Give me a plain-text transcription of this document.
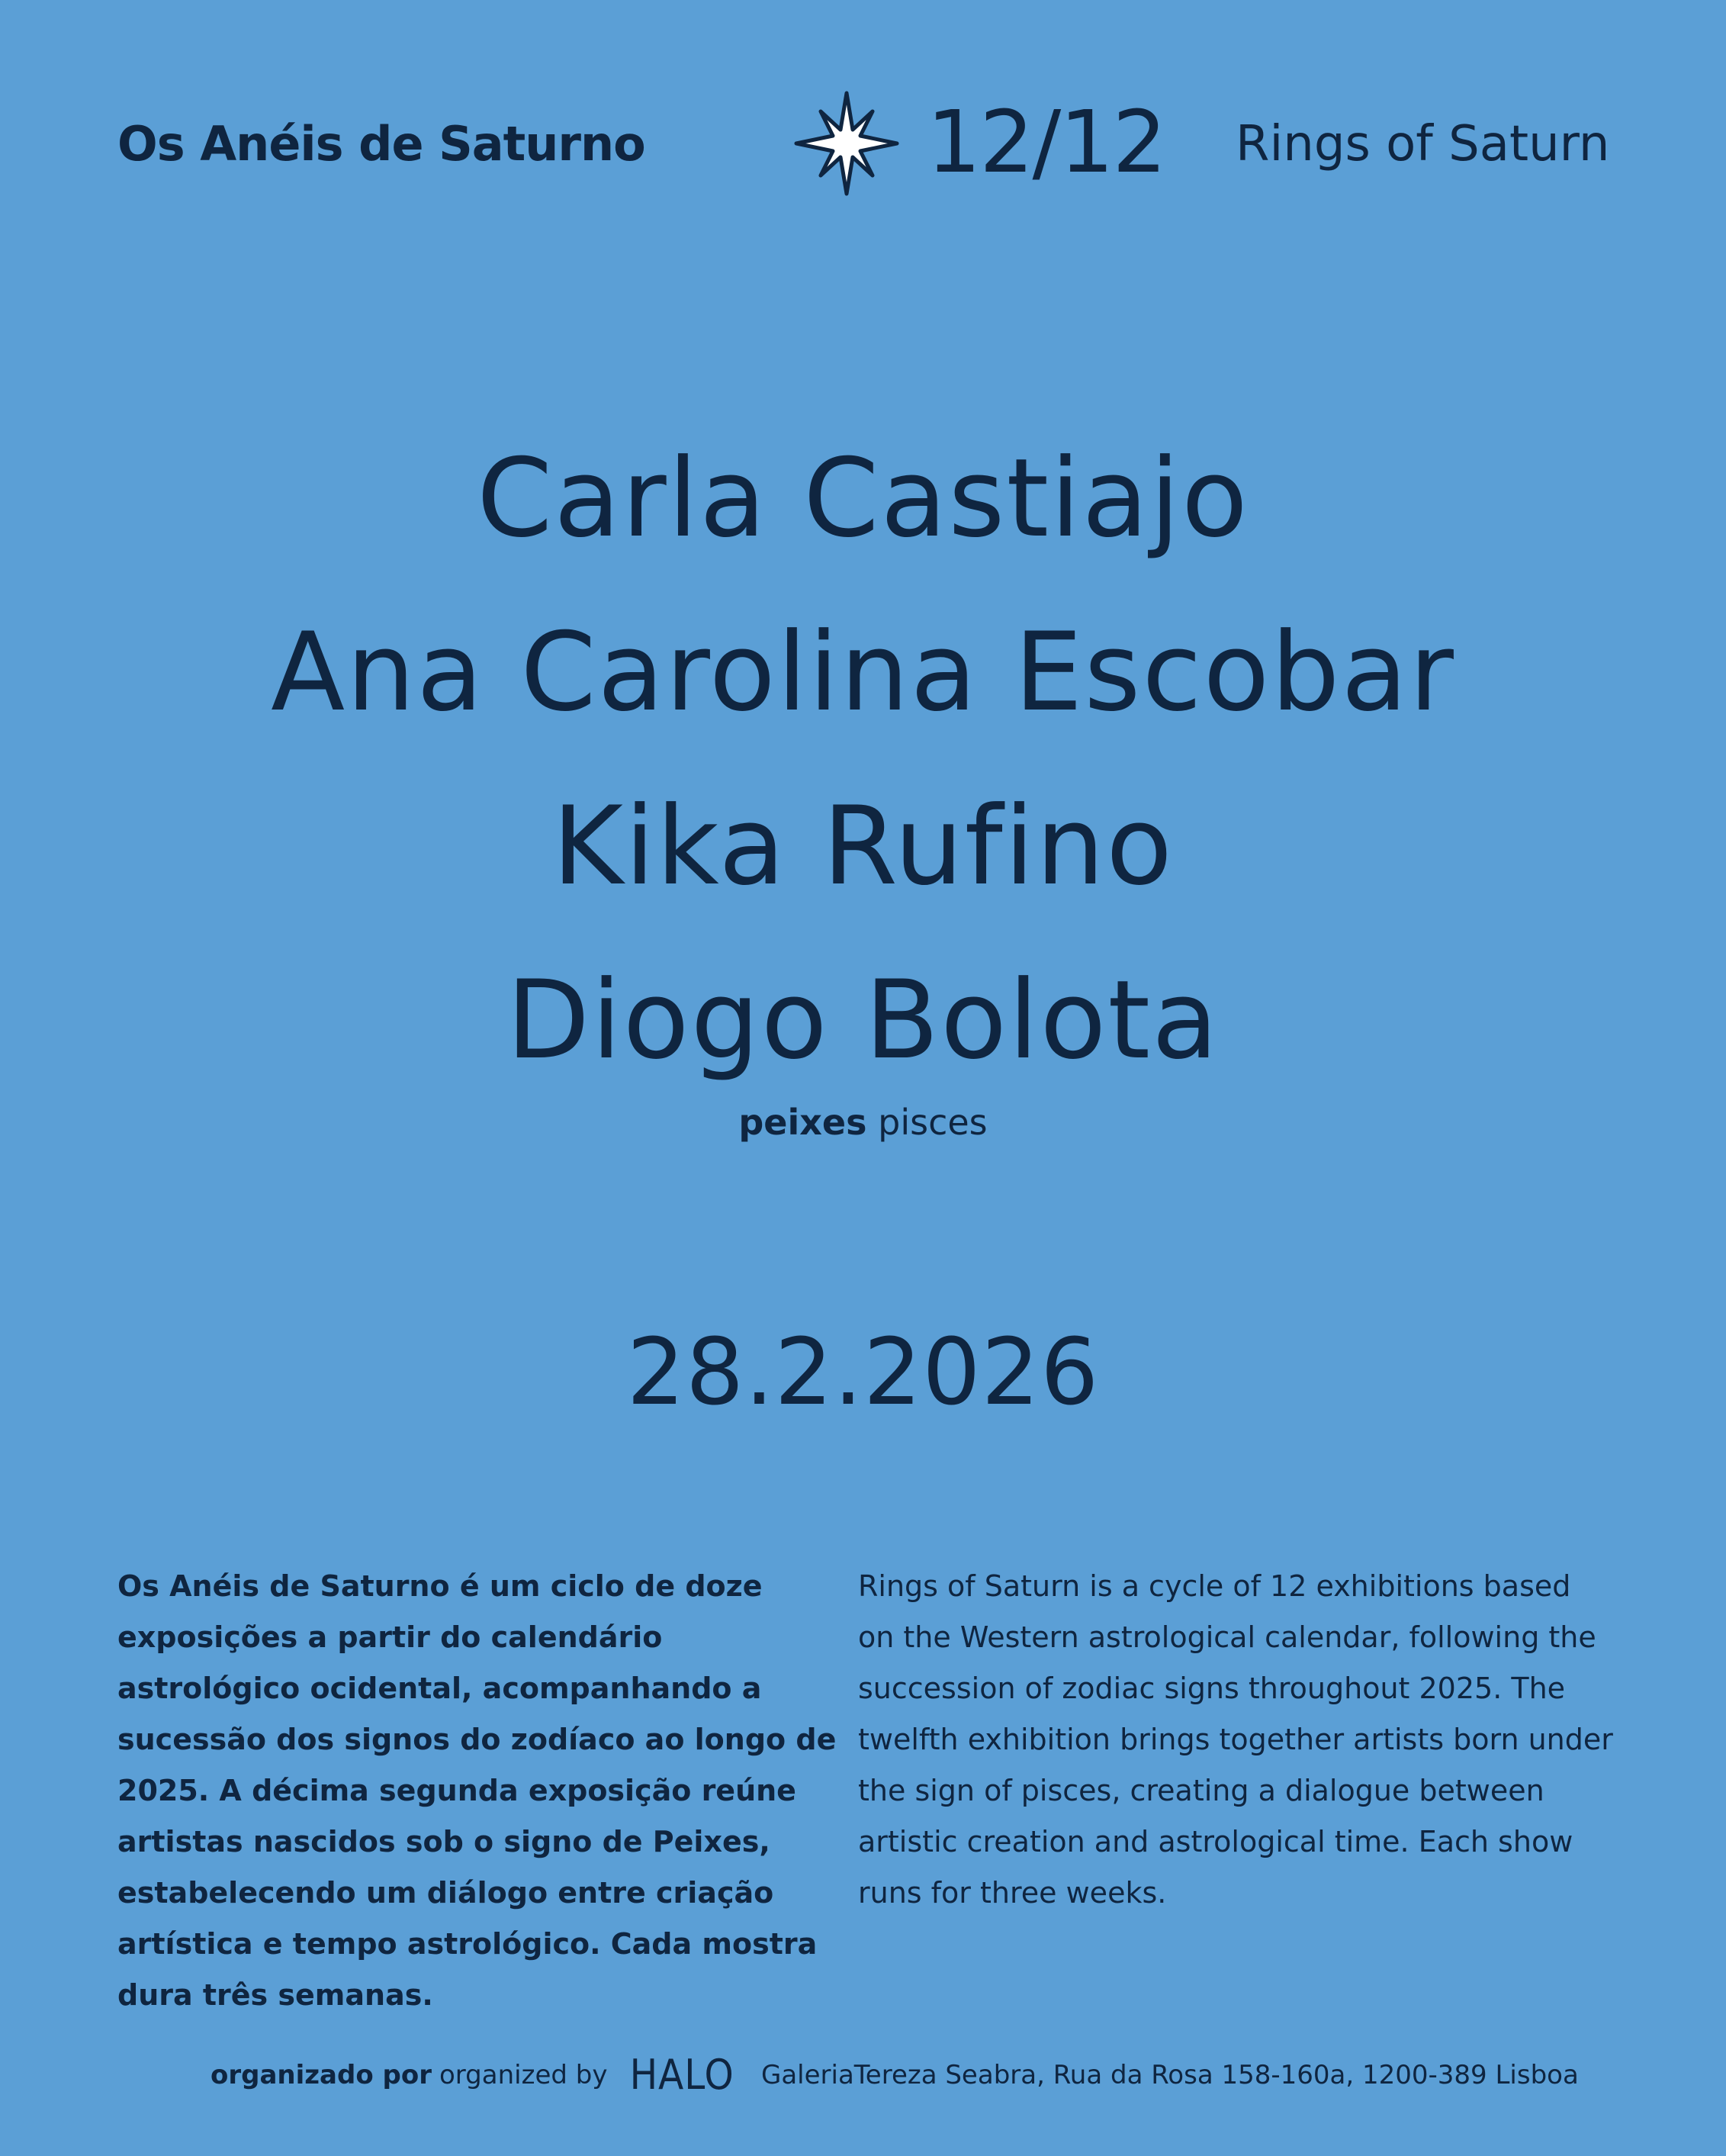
Os Anéis de Saturno	12/12 Rings of Saturn
Carla Castiajo
Ana Carolina Escobar
Kika Rufino
Diogo Bolota
peixes pisces
28.2.2026
Os Anéis de Saturno é um ciclo de doze exposições a partir do calendário astrológico ocidental, acompanhando a sucessão dos signos do zodíaco ao longo de 2025. A décima segunda exposição reúne artistas nascidos sob o signo de Peixes, estabelecendo um diálogo entre criação artística e tempo astrológico. Cada mostra dura três semanas.
Rings of Saturn is a cycle of 12 exhibitions based on the Western astrological calendar, following the succession of zodiac signs throughout 2025. The twelfth exhibition brings together artists born under the sign of pisces, creating a dialogue between artistic creation and astrological time. Each show runs for three weeks.
organizado por organized by HALO GaleriaTereza Seabra, Rua da Rosa 158-160a, 1200-389 Lisboa
